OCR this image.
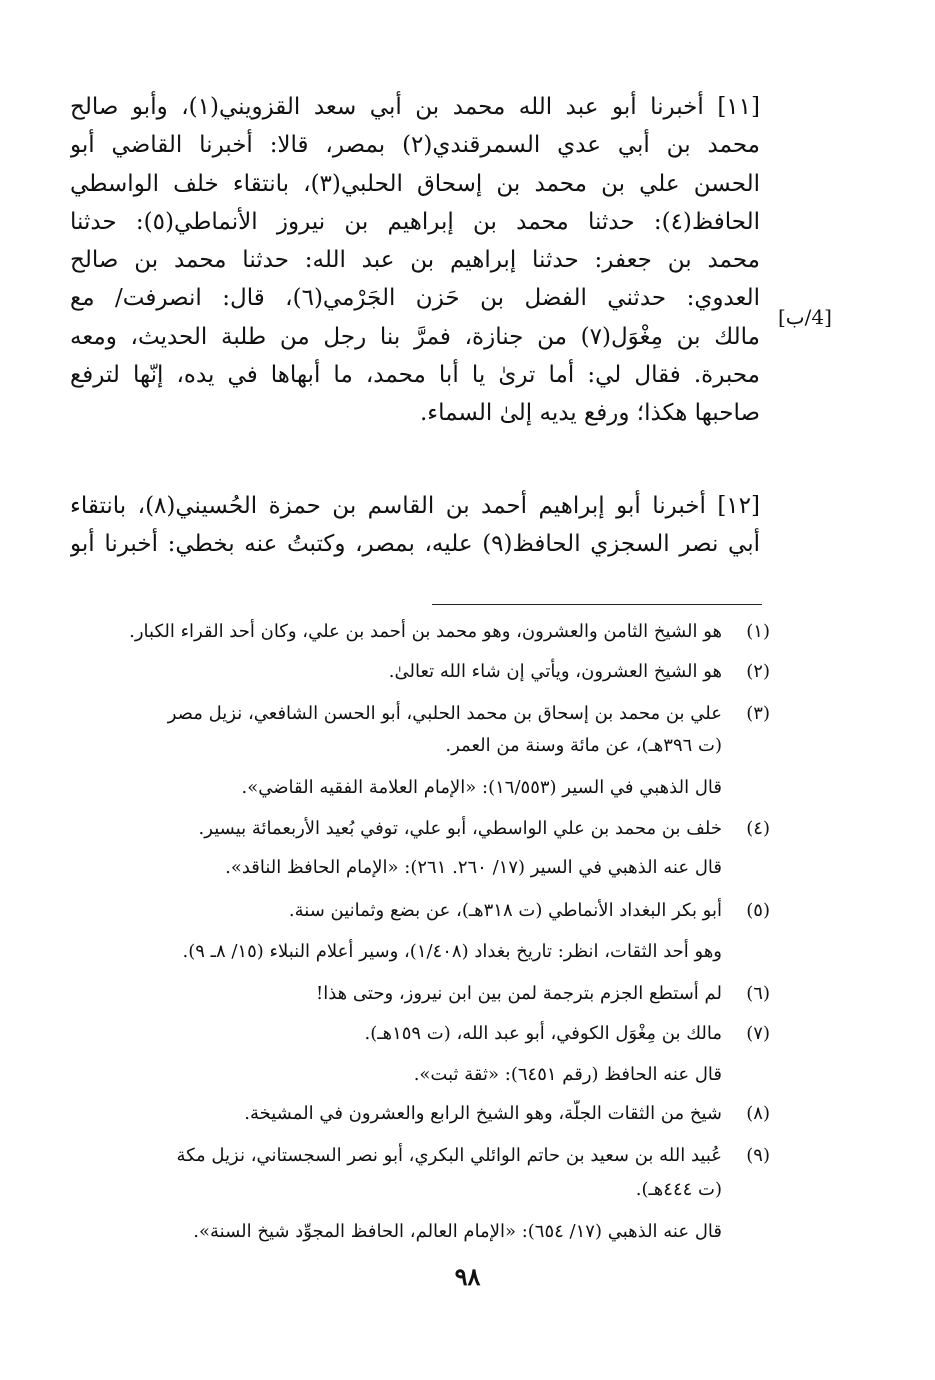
[١١] أخبرنا أبو عبد الله محمد بن أبي سعد القزويني(١)، وأبو صالح
محمد بن أبي عدي السمرقندي(٢) بمصر، قالا: أخبرنا القاضي أبو
الحسن علي بن محمد بن إسحاق الحلبي(٣)، بانتقاء خلف الواسطي
الحافظ(٤): حدثنا محمد بن إبراهيم بن نيروز الأنماطي(٥): حدثنا
محمد بن جعفر: حدثنا إبراهيم بن عبد الله: حدثنا محمد بن صالح
العدوي: حدثني الفضل بن حَزن الجَرْمي(٦)، قال: انصرفت/ مع
مالك بن مِغْوَل(٧) من جنازة، فمرَّ بنا رجل من طلبة الحديث، ومعه
محبرة. فقال لي: أما ترىٰ يا أبا محمد، ما أبهاها في يده، إنّها لترفع
صاحبها هكذا؛ ورفع يديه إلىٰ السماء.
[4/ب]
[١٢] أخبرنا أبو إبراهيم أحمد بن القاسم بن حمزة الحُسيني(٨)، بانتقاء
أبي نصر السجزي الحافظ(٩) عليه، بمصر، وكتبتُ عنه بخطي: أخبرنا أبو
(١)
هو الشيخ الثامن والعشرون، وهو محمد بن أحمد بن علي، وكان أحد القراء الكبار.
(٢)
هو الشيخ العشرون، ويأتي إن شاء الله تعالىٰ.
(٣)
علي بن محمد بن إسحاق بن محمد الحلبي، أبو الحسن الشافعي، نزيل مصر
(ت ٣٩٦هـ)، عن مائة وسنة من العمر.
قال الذهبي في السير (١٦/٥٥٣): «الإمام العلامة الفقيه القاضي».
(٤)
خلف بن محمد بن علي الواسطي، أبو علي، توفي بُعيد الأربعمائة بيسير.
قال عنه الذهبي في السير (١٧/ ٢٦٠. ٢٦١): «الإمام الحافظ الناقد».
(٥)
أبو بكر البغداد الأنماطي (ت ٣١٨هـ)، عن بضع وثمانين سنة.
وهو أحد الثقات، انظر: تاريخ بغداد (١/٤٠٨)، وسير أعلام النبلاء (١٥/ ٨ـ ٩).
(٦)
لم أستطع الجزم بترجمة لمن بين ابن نيروز، وحتى هذا!
(٧)
مالك بن مِغْوَل الكوفي، أبو عبد الله، (ت ١٥٩هـ).
قال عنه الحافظ (رقم ٦٤٥١): «ثقة ثبت».
(٨)
شيخ من الثقات الجلّة، وهو الشيخ الرابع والعشرون في المشيخة.
(٩)
عُبيد الله بن سعيد بن حاتم الوائلي البكري، أبو نصر السجستاني، نزيل مكة
(ت ٤٤٤هـ).
قال عنه الذهبي (١٧/ ٦٥٤): «الإمام العالم، الحافظ المجوِّد شيخ السنة».
٩٨
